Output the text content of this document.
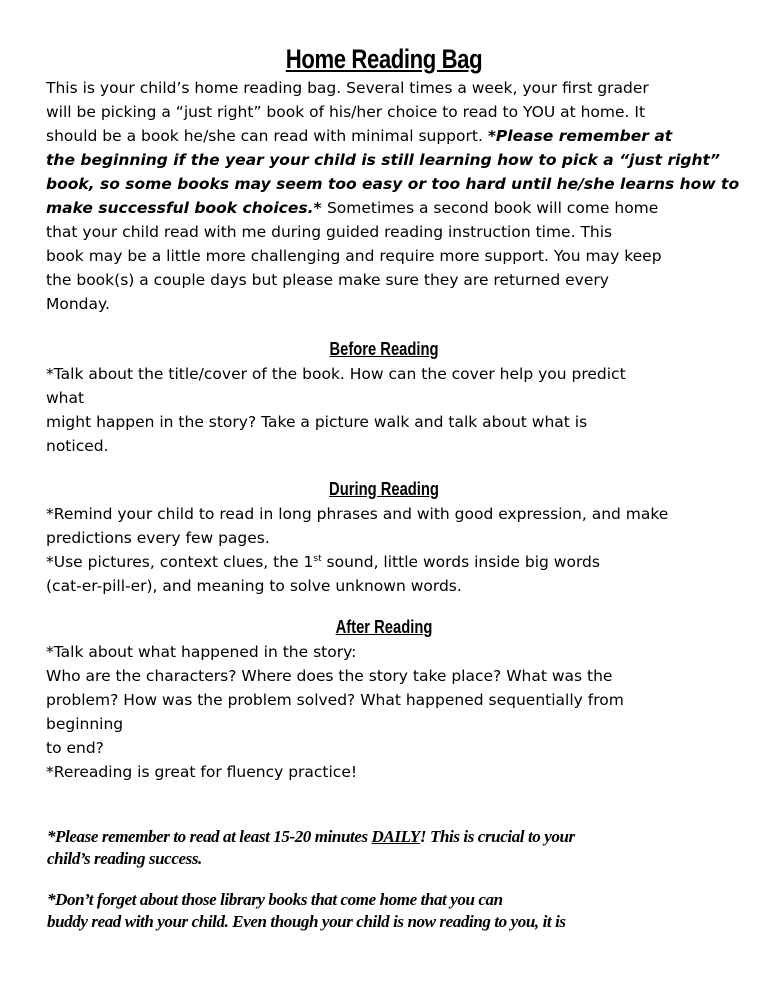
Home Reading Bag
This is your child’s home reading bag. Several times a week, your first grader
will be picking a “just right” book of his/her choice to read to YOU at home. It
should be a book he/she can read with minimal support. *Please remember at
the beginning if the year your child is still learning how to pick a “just right”
book, so some books may seem too easy or too hard until he/she learns how to
make successful book choices.* Sometimes a second book will come home
that your child read with me during guided reading instruction time. This
book may be a little more challenging and require more support. You may keep
the book(s) a couple days but please make sure they are returned every
Monday.
Before Reading
*Talk about the title/cover of the book. How can the cover help you predict
what
might happen in the story? Take a picture walk and talk about what is
noticed.
During Reading
*Remind your child to read in long phrases and with good expression, and make
predictions every few pages.
*Use pictures, context clues, the 1st sound, little words inside big words
(cat-er-pill-er), and meaning to solve unknown words.
After Reading
*Talk about what happened in the story:
Who are the characters? Where does the story take place? What was the
problem? How was the problem solved? What happened sequentially from
beginning
to end?
*Rereading is great for fluency practice!
*Please remember to read at least 15-20 minutes DAILY! This is crucial to your
child’s reading success.
*Don’t forget about those library books that come home that you can
buddy read with your child. Even though your child is now reading to you, it is
